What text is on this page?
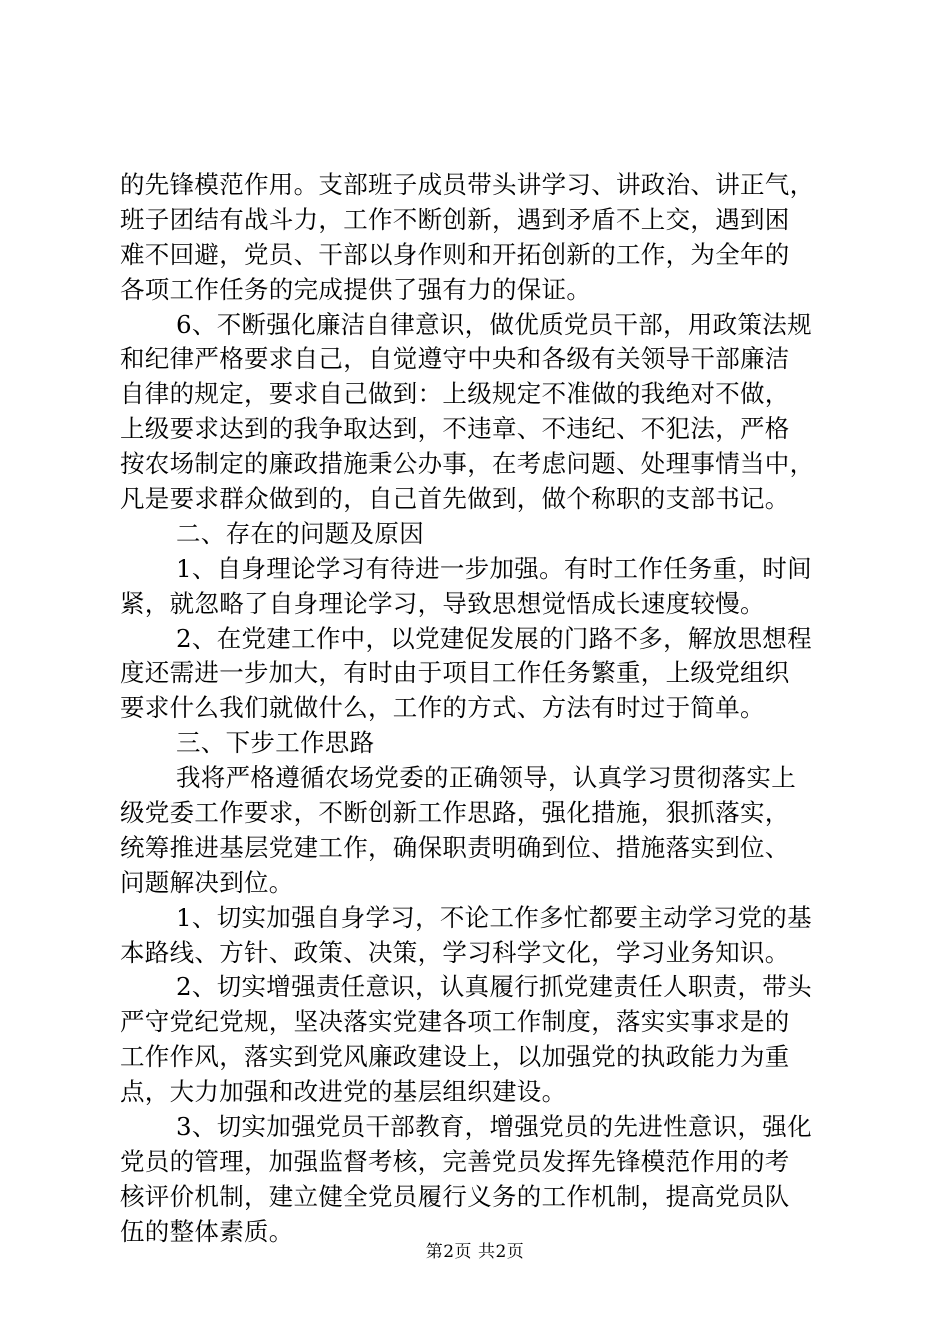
的先锋模范作用。支部班子成员带头讲学习、讲政治、讲正气，
班子团结有战斗力，工作不断创新，遇到矛盾不上交，遇到困
难不回避，党员、干部以身作则和开拓创新的工作，为全年的
各项工作任务的完成提供了强有力的保证。
6、不断强化廉洁自律意识，做优质党员干部，用政策法规
和纪律严格要求自己，自觉遵守中央和各级有关领导干部廉洁
自律的规定，要求自己做到：上级规定不准做的我绝对不做，
上级要求达到的我争取达到，不违章、不违纪、不犯法，严格
按农场制定的廉政措施秉公办事，在考虑问题、处理事情当中，
凡是要求群众做到的，自己首先做到，做个称职的支部书记。
二、存在的问题及原因
1、自身理论学习有待进一步加强。有时工作任务重，时间
紧，就忽略了自身理论学习，导致思想觉悟成长速度较慢。
2、在党建工作中，以党建促发展的门路不多，解放思想程
度还需进一步加大，有时由于项目工作任务繁重，上级党组织
要求什么我们就做什么，工作的方式、方法有时过于简单。
三、下步工作思路
我将严格遵循农场党委的正确领导，认真学习贯彻落实上
级党委工作要求，不断创新工作思路，强化措施，狠抓落实，
统筹推进基层党建工作，确保职责明确到位、措施落实到位、
问题解决到位。
1、切实加强自身学习，不论工作多忙都要主动学习党的基
本路线、方针、政策、决策，学习科学文化，学习业务知识。
2、切实增强责任意识，认真履行抓党建责任人职责，带头
严守党纪党规，坚决落实党建各项工作制度，落实实事求是的
工作作风，落实到党风廉政建设上，以加强党的执政能力为重
点，大力加强和改进党的基层组织建设。
3、切实加强党员干部教育，增强党员的先进性意识，强化
党员的管理，加强监督考核，完善党员发挥先锋模范作用的考
核评价机制，建立健全党员履行义务的工作机制，提高党员队
伍的整体素质。
第2页 共2页
